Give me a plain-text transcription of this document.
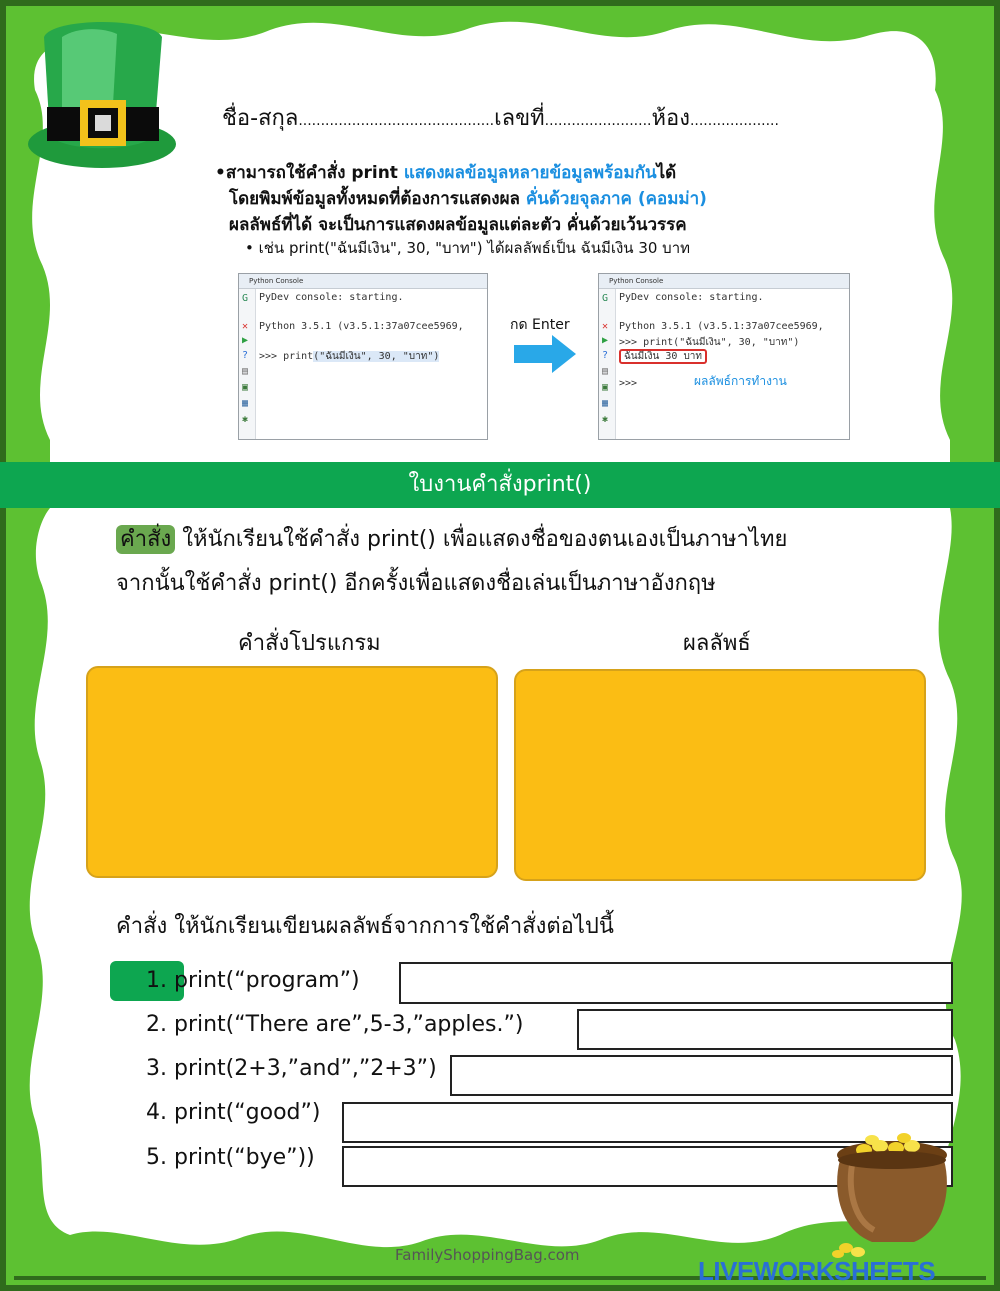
ชื่อ-สกุล............................................เลขที่........................ห้อง....................
•สามารถใช้คำสั่ง print แสดงผลข้อมูลหลายข้อมูลพร้อมกันได้
โดยพิมพ์ข้อมูลทั้งหมดที่ต้องการแสดงผล คั่นด้วยจุลภาค (คอมม่า)
ผลลัพธ์ที่ได้ จะเป็นการแสดงผลข้อมูลแต่ละตัว คั่นด้วยเว้นวรรค
• เช่น print("ฉันมีเงิน", 30, "บาท") ได้ผลลัพธ์เป็น ฉันมีเงิน 30 บาท
Python Console
G
✕
▶
?
▤
▣
▦
✱
PyDev console: starting.
Python 3.5.1 (v3.5.1:37a07cee5969,
>>> print("ฉันมีเงิน", 30, "บาท")
กด Enter
Python Console
G
✕
▶
?
▤
▣
▦
✱
PyDev console: starting.
Python 3.5.1 (v3.5.1:37a07cee5969,
>>> print("ฉันมีเงิน", 30, "บาท")
ฉันมีเงิน 30 บาท
>>>	ผลลัพธ์การทำงาน
ใบงานคำสั่งprint()
คำสั่ง ให้นักเรียนใช้คำสั่ง print() เพื่อแสดงชื่อของตนเองเป็นภาษาไทย
จากนั้นใช้คำสั่ง print() อีกครั้งเพื่อแสดงชื่อเล่นเป็นภาษาอังกฤษ
คำสั่งโปรแกรม	ผลลัพธ์
คำสั่ง ให้นักเรียนเขียนผลลัพธ์จากการใช้คำสั่งต่อไปนี้
1. print(“program”)
2. print(“There are”,5-3,”apples.”)
3. print(2+3,”and”,”2+3”)
4. print(“good”)
5. print(“bye”))
FamilyShoppingBag.com
LIVEWORKSHEETS
